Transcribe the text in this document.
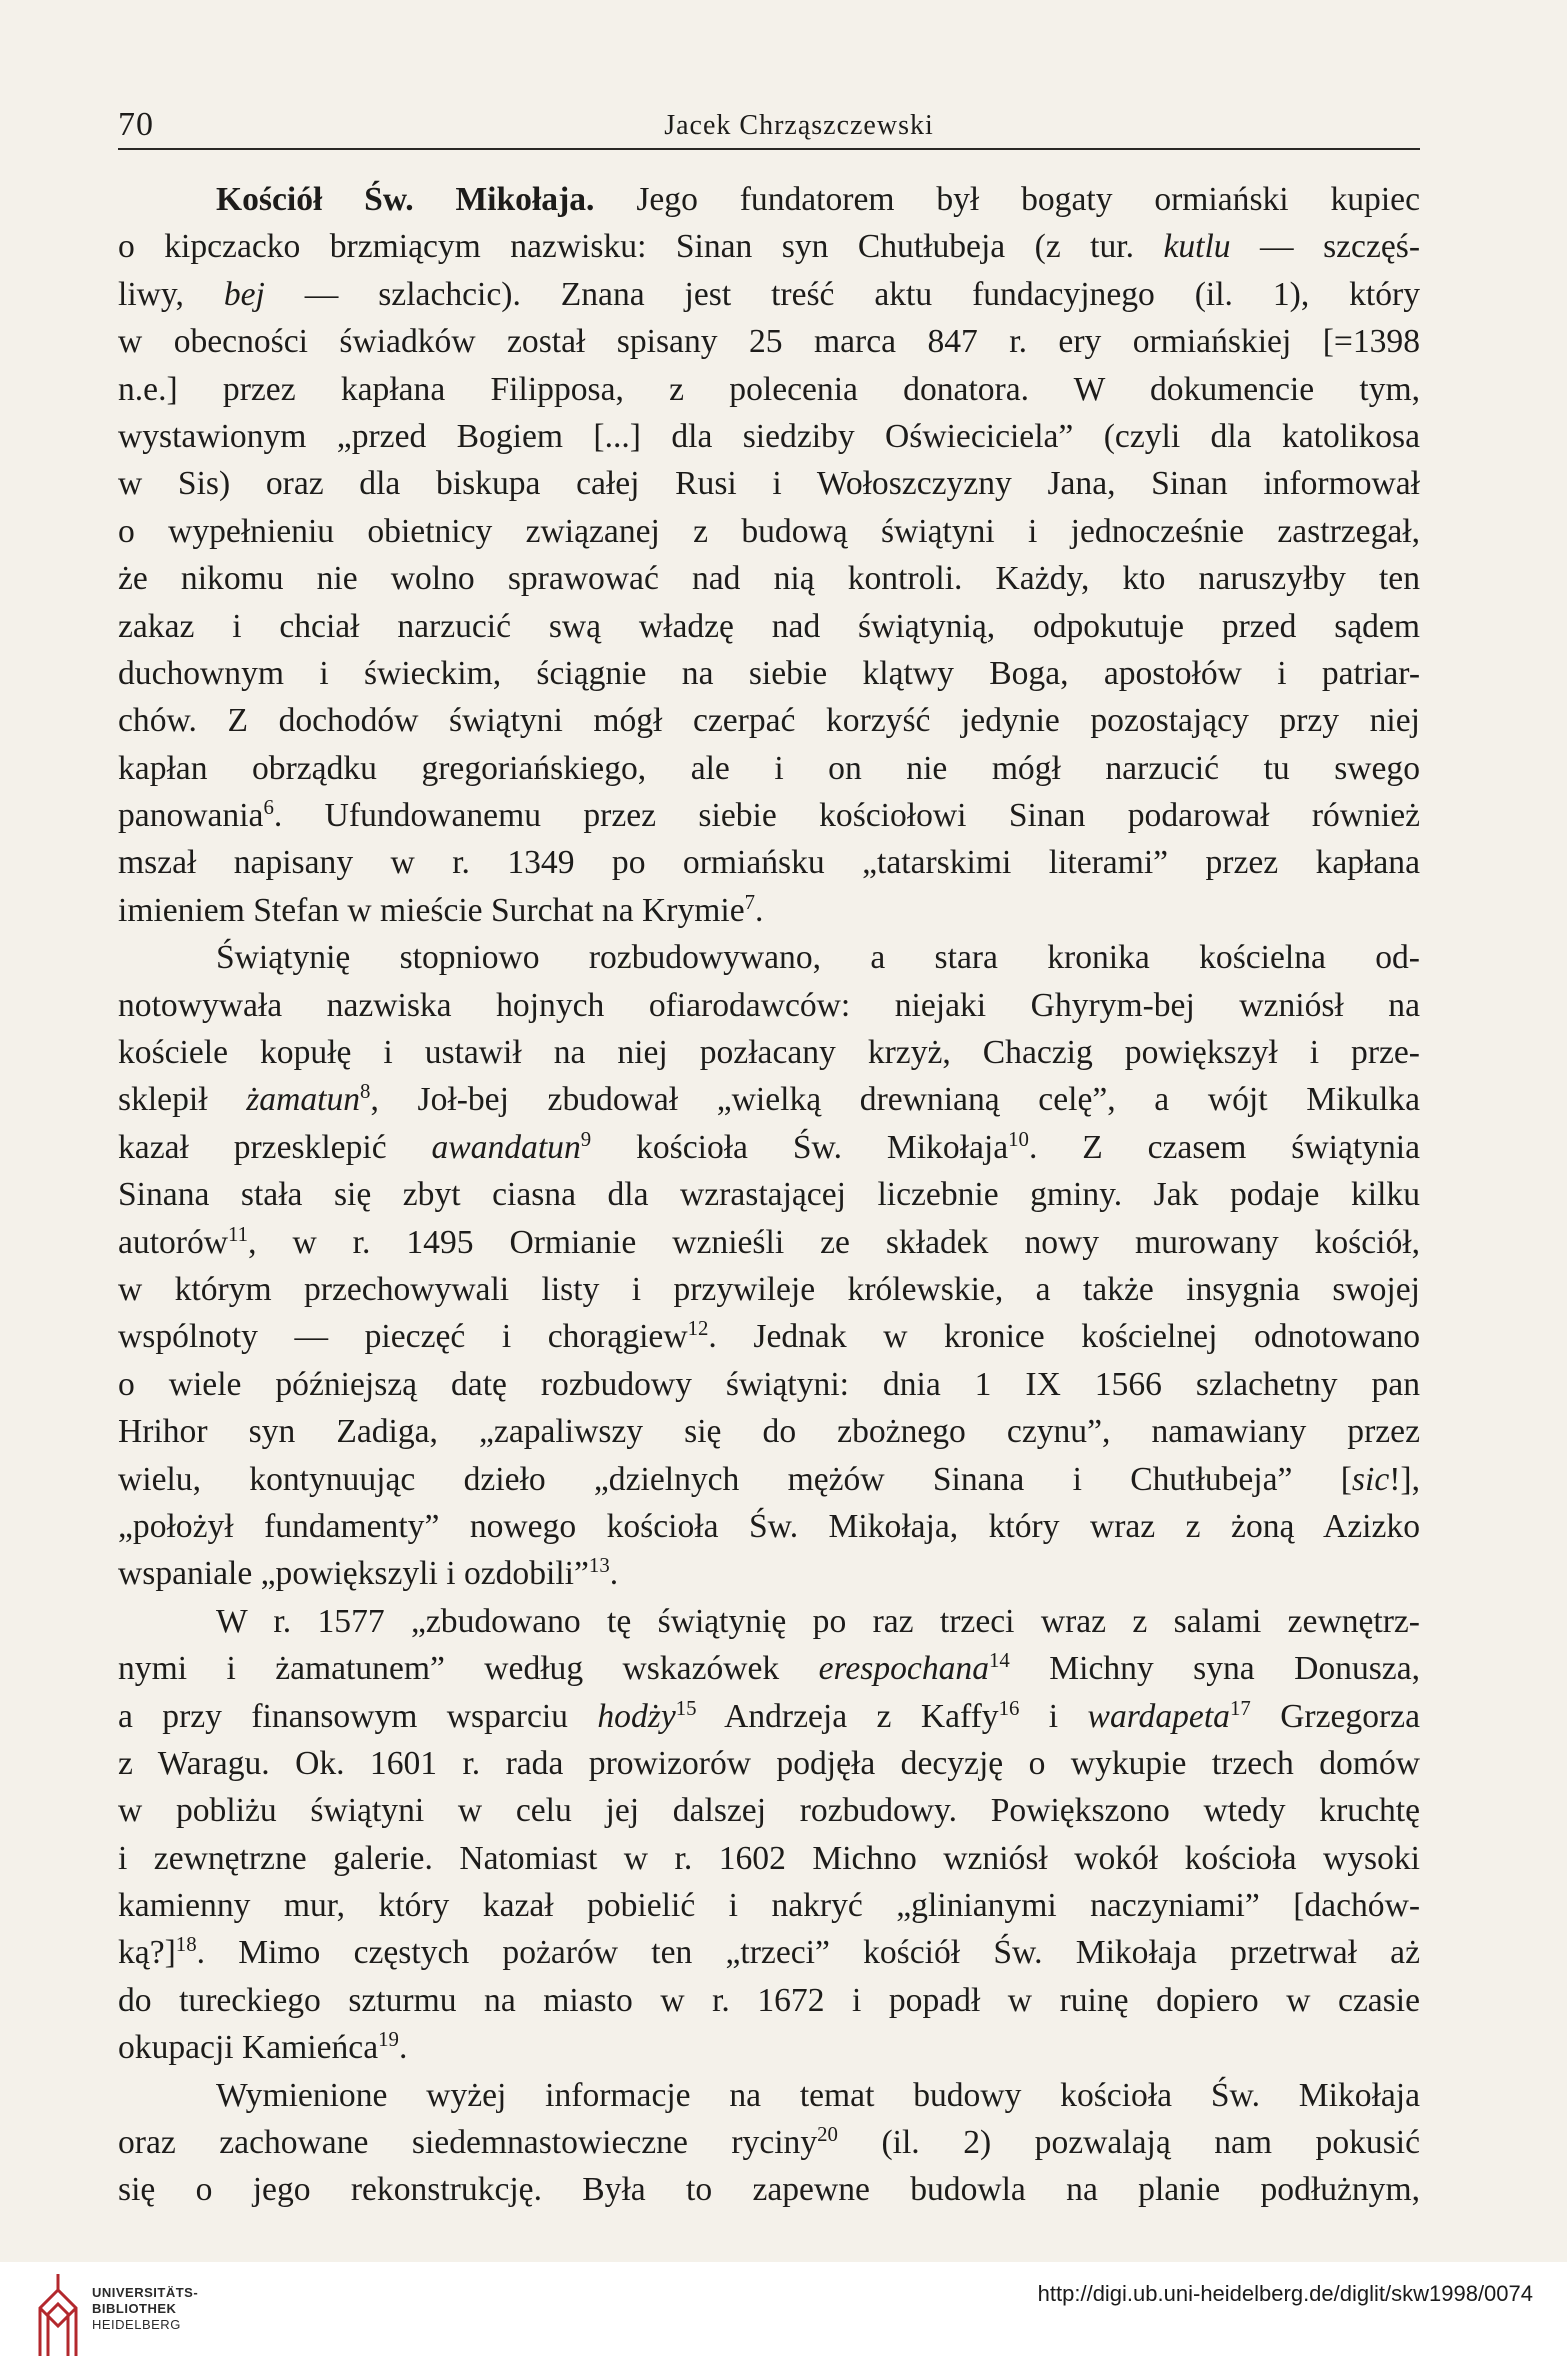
70	Jacek Chrząszczewski
Kościół Św. Mikołaja. Jego fundatorem był bogaty ormiański kupiec
o kipczacko brzmiącym nazwisku: Sinan syn Chutłubeja (z tur. kutlu — szczęś-
liwy, bej — szlachcic). Znana jest treść aktu fundacyjnego (il. 1), który
w obecności świadków został spisany 25 marca 847 r. ery ormiańskiej [=1398
n.e.] przez kapłana Filipposa, z polecenia donatora. W dokumencie tym,
wystawionym „przed Bogiem [...] dla siedziby Oświeciciela” (czyli dla katolikosa
w Sis) oraz dla biskupa całej Rusi i Wołoszczyzny Jana, Sinan informował
o wypełnieniu obietnicy związanej z budową świątyni i jednocześnie zastrzegał,
że nikomu nie wolno sprawować nad nią kontroli. Każdy, kto naruszyłby ten
zakaz i chciał narzucić swą władzę nad świątynią, odpokutuje przed sądem
duchownym i świeckim, ściągnie na siebie klątwy Boga, apostołów i patriar-
chów. Z dochodów świątyni mógł czerpać korzyść jedynie pozostający przy niej
kapłan obrządku gregoriańskiego, ale i on nie mógł narzucić tu swego
panowania$^6$. Ufundowanemu przez siebie kościołowi Sinan podarował również
mszał napisany w r. 1349 po ormiańsku „tatarskimi literami” przez kapłana
imieniem Stefan w mieście Surchat na Krymie$^7$.
Świątynię stopniowo rozbudowywano, a stara kronika kościelna od-
notowywała nazwiska hojnych ofiarodawców: niejaki Ghyrym-bej wzniósł na
kościele kopułę i ustawił na niej pozłacany krzyż, Chaczig powiększył i prze-
sklepił żamatun$^8$, Joł-bej zbudował „wielką drewnianą celę”, a wójt Mikulka
kazał przesklepić awandatun$^9$ kościoła Św. Mikołaja$^{10}$. Z czasem świątynia
Sinana stała się zbyt ciasna dla wzrastającej liczebnie gminy. Jak podaje kilku
autorów$^{11}$, w r. 1495 Ormianie wznieśli ze składek nowy murowany kościół,
w którym przechowywali listy i przywileje królewskie, a także insygnia swojej
wspólnoty — pieczęć i chorągiew$^{12}$. Jednak w kronice kościelnej odnotowano
o wiele późniejszą datę rozbudowy świątyni: dnia 1 IX 1566 szlachetny pan
Hrihor syn Zadiga, „zapaliwszy się do zbożnego czynu”, namawiany przez
wielu, kontynuując dzieło „dzielnych mężów Sinana i Chutłubeja” [sic!],
„położył fundamenty” nowego kościoła Św. Mikołaja, który wraz z żoną Azizko
wspaniale „powiększyli i ozdobili”$^{13}$.
W r. 1577 „zbudowano tę świątynię po raz trzeci wraz z salami zewnętrz-
nymi i żamatunem” według wskazówek erespochana$^{14}$ Michny syna Donusza,
a przy finansowym wsparciu hodży$^{15}$ Andrzeja z Kaffy$^{16}$ i wardapeta$^{17}$ Grzegorza
z Waragu. Ok. 1601 r. rada prowizorów podjęła decyzję o wykupie trzech domów
w pobliżu świątyni w celu jej dalszej rozbudowy. Powiększono wtedy kruchtę
i zewnętrzne galerie. Natomiast w r. 1602 Michno wzniósł wokół kościoła wysoki
kamienny mur, który kazał pobielić i nakryć „glinianymi naczyniami” [dachów-
ką?]$^{18}$. Mimo częstych pożarów ten „trzeci” kościół Św. Mikołaja przetrwał aż
do tureckiego szturmu na miasto w r. 1672 i popadł w ruinę dopiero w czasie
okupacji Kamieńca$^{19}$.
Wymienione wyżej informacje na temat budowy kościoła Św. Mikołaja
oraz zachowane siedemnastowieczne ryciny$^{20}$ (il. 2) pozwalają nam pokusić
się o jego rekonstrukcję. Była to zapewne budowla na planie podłużnym,
UNIVERSITÄTS-
BIBLIOTHEK
HEIDELBERG
http://digi.ub.uni-heidelberg.de/diglit/skw1998/0074
